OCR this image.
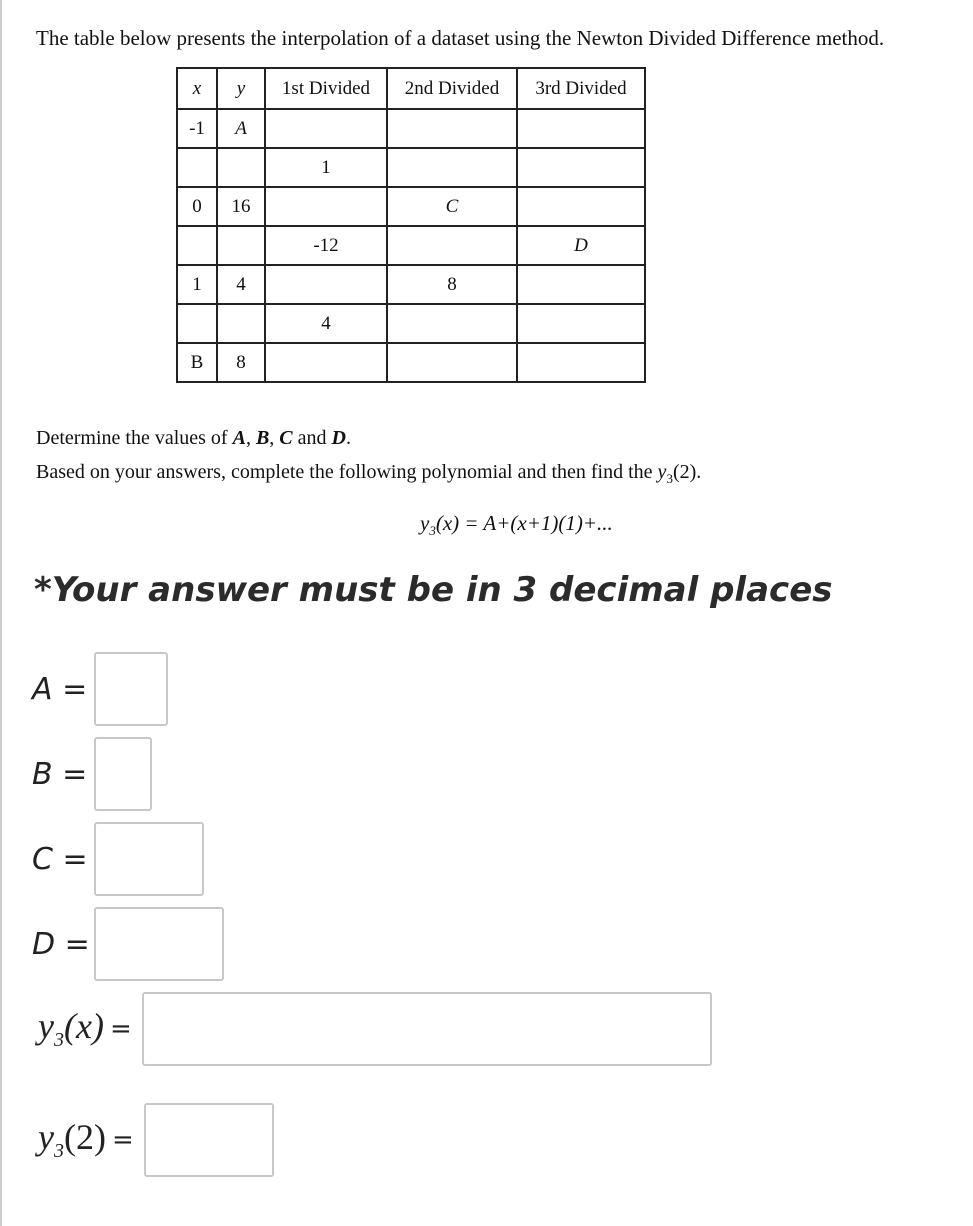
The table below presents the interpolation of a dataset using the Newton Divided Difference method.
x	y	1st Divided	2nd Divided	3rd Divided
-1	A			
		1		
0	16		C	
		-12		D
1	4		8	
		4		
B	8			
Determine the values of A, B, C and D.
Based on your answers, complete the following polynomial and then find the $y_3(2)$.
$y_3(x) = A+(x+1)(1)+$...
*Your answer must be in 3 decimal places
A =
B =
C =
D =
$y_3(x)$ =
$y_3(2)$ =
